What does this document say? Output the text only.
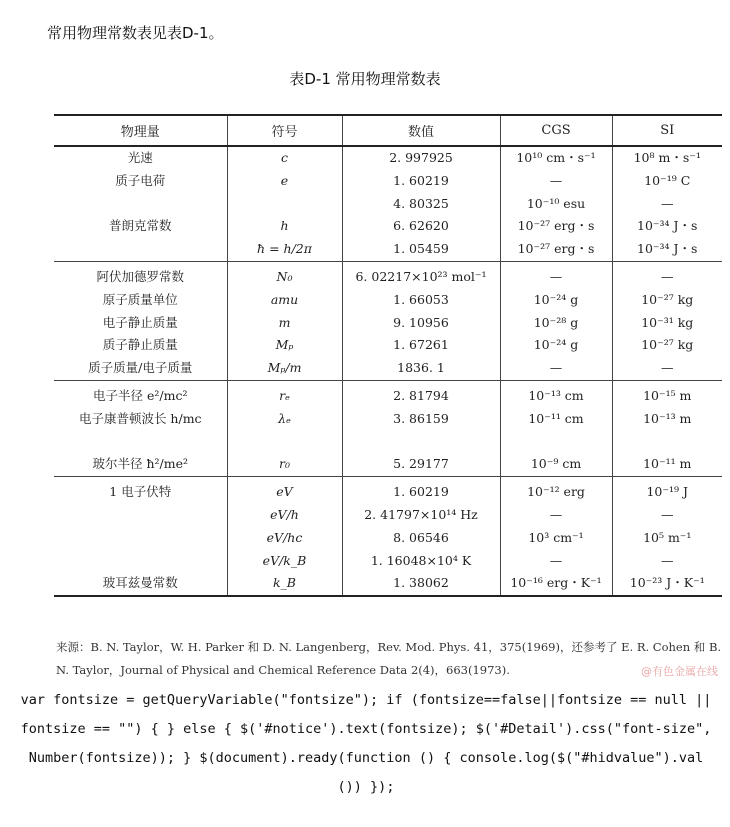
常用物理常数表见表D-1。
表D-1 常用物理常数表
物理量	符号	数值	CGS	SI
光速	c	2. 997925	10¹⁰ cm・s⁻¹	10⁸ m・s⁻¹
质子电荷	e	1. 60219	—	10⁻¹⁹ C
		4. 80325	10⁻¹⁰ esu	—
普朗克常数	h	6. 62620	10⁻²⁷ erg・s	10⁻³⁴ J・s
	ħ = h/2π	1. 05459	10⁻²⁷ erg・s	10⁻³⁴ J・s
阿伏加德罗常数	N₀	6. 02217×10²³ mol⁻¹	—	—
原子质量单位	amu	1. 66053	10⁻²⁴ g	10⁻²⁷ kg
电子静止质量	m	9. 10956	10⁻²⁸ g	10⁻³¹ kg
质子静止质量	Mₚ	1. 67261	10⁻²⁴ g	10⁻²⁷ kg
质子质量/电子质量	Mₚ/m	1836. 1	—	—
电子半径 e²/mc²	rₑ	2. 81794	10⁻¹³ cm	10⁻¹⁵ m
电子康普顿波长 h/mc	λₑ	3. 86159	10⁻¹¹ cm	10⁻¹³ m

玻尔半径 ħ²/me²	r₀	5. 29177	10⁻⁹ cm	10⁻¹¹ m
1 电子伏特	eV	1. 60219	10⁻¹² erg	10⁻¹⁹ J
	eV/h	2. 41797×10¹⁴ Hz	—	—
	eV/hc	8. 06546	10³ cm⁻¹	10⁵ m⁻¹
	eV/k_B	1. 16048×10⁴ K	—	—
玻耳兹曼常数	k_B	1. 38062	10⁻¹⁶ erg・K⁻¹	10⁻²³ J・K⁻¹
来源：B. N. Taylor，W. H. Parker 和 D. N. Langenberg，Rev. Mod. Phys. 41，375(1969)，还参考了 E. R. Cohen 和 B. N. Taylor，Journal of Physical and Chemical Reference Data 2(4)，663(1973).	@有色金属在线
var fontsize = getQueryVariable("fontsize"); if (fontsize==false||fontsize == null || fontsize == "") { } else { $('#notice').text(fontsize); $('#Detail').css("font-size", Number(fontsize)); } $(document).ready(function () { console.log($("#hidvalue").val ()) });
